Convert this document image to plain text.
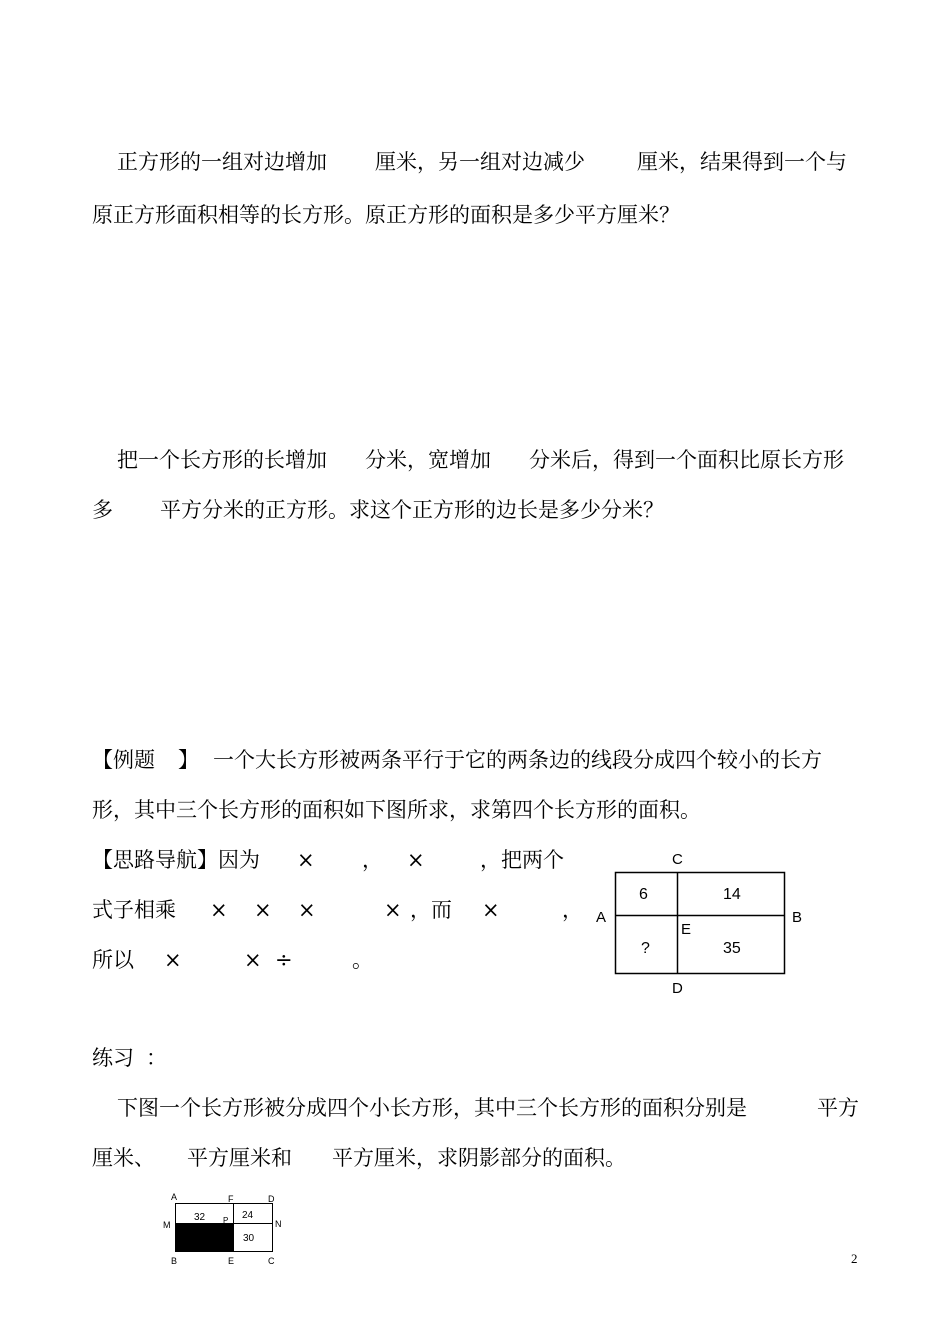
正方形的一组对边增加 厘米，另一组对边减少 厘米，结果得到一个与
原正方形面积相等的长方形。原正方形的面积是多少平方厘米？
把一个长方形的长增加 分米，宽增加 分米后，得到一个面积比原长方形
多 平方分米的正方形。求这个正方形的边长是多少分米？
【例题 】 一个大长方形被两条平行于它的两条边的线段分成四个较小的长方
形，其中三个长方形的面积如下图所求，求第四个长方形的面积。
【思路导航】因为 × ， ×	，把两个
式子相乘 × × ×	× ，而 ×	，
所以 ×	× ÷	。
C
D
A	B
E
6	14
?	35
练习 ：
下图一个长方形被分成四个小长方形，其中三个长方形的面积分别是	平方
厘米、 平方厘米和 平方厘米，求阴影部分的面积。
A	F	D
M	P	N
B	E	C
32	24
30
2
